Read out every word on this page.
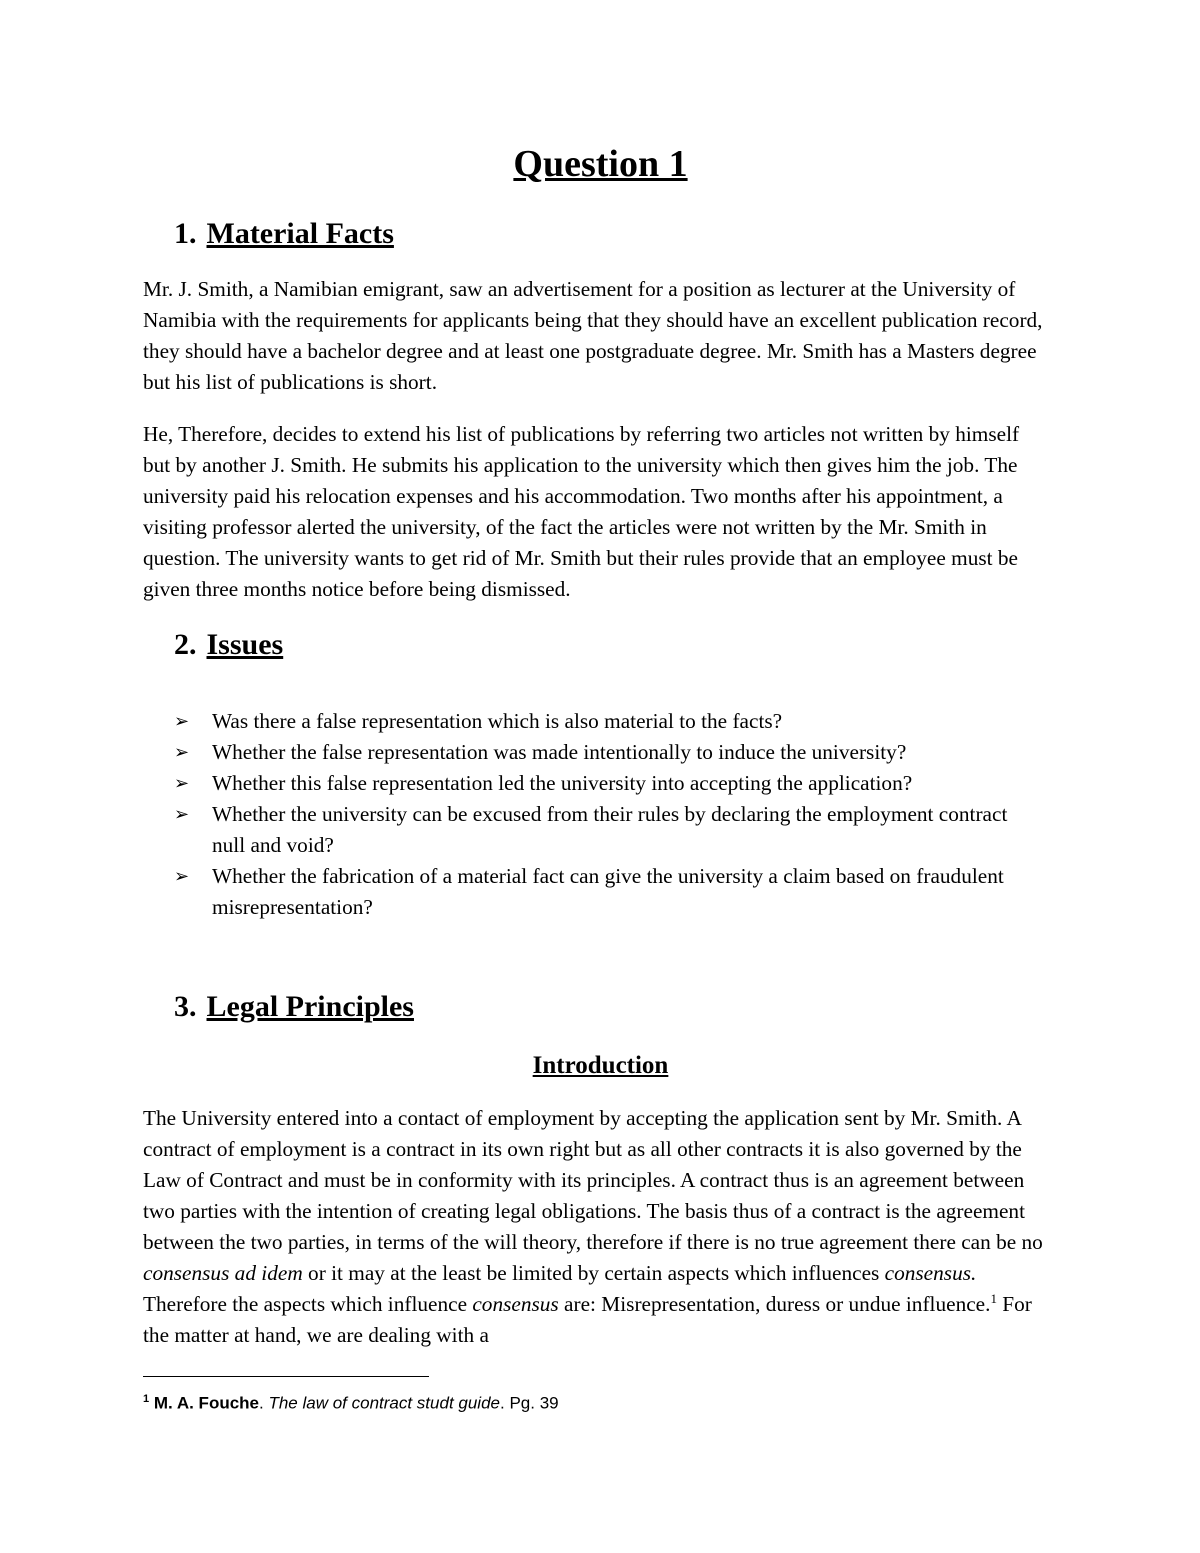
Question 1
1. Material Facts

Mr. J. Smith, a Namibian emigrant, saw an advertisement for a position as lecturer at the University of Namibia with the requirements for applicants being that they should have an excellent publication record, they should have a bachelor degree and at least one postgraduate degree. Mr. Smith has a Masters degree but his list of publications is short.

He, Therefore, decides to extend his list of publications by referring two articles not written by himself but by another J. Smith. He submits his application to the university which then gives him the job. The university paid his relocation expenses and his accommodation. Two months after his appointment, a visiting professor alerted the university, of the fact the articles were not written by the Mr. Smith in question. The university wants to get rid of Mr. Smith but their rules provide that an employee must be given three months notice before being dismissed.

2. Issues
➢ Was there a false representation which is also material to the facts?
➢ Whether the false representation was made intentionally to induce the university?
➢ Whether this false representation led the university into accepting the application?
➢ Whether the university can be excused from their rules by declaring the employment contract null and void?
➢ Whether the fabrication of a material fact can give the university a claim based on fraudulent misrepresentation?
3. Legal Principles
Introduction

The University entered into a contact of employment by accepting the application sent by Mr. Smith. A contract of employment is a contract in its own right but as all other contracts it is also governed by the Law of Contract and must be in conformity with its principles. A contract thus is an agreement between two parties with the intention of creating legal obligations. The basis thus of a contract is the agreement between the two parties, in terms of the will theory, therefore if there is no true agreement there can be no consensus ad idem or it may at the least be limited by certain aspects which influences consensus. Therefore the aspects which influence consensus are: Misrepresentation, duress or undue influence.$^1$ For the matter at hand, we are dealing with a

$^1$ M. A. Fouche. The law of contract studt guide. Pg. 39
